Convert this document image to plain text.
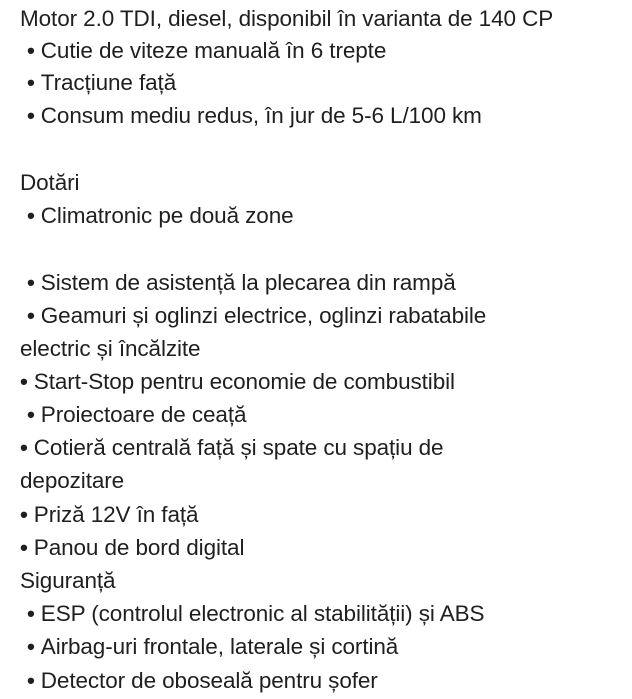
Motor 2.0 TDI, diesel, disponibil în varianta de 140 CP
• Cutie de viteze manuală în 6 trepte
• Tracțiune față
• Consum mediu redus, în jur de 5-6 L/100 km
Dotări
• Climatronic pe două zone
• Sistem de asistență la plecarea din rampă
• Geamuri și oglinzi electrice, oglinzi rabatabile
electric și încălzite
• Start-Stop pentru economie de combustibil
• Proiectoare de ceață
• Cotieră centrală față și spate cu spațiu de
depozitare
• Priză 12V în față
• Panou de bord digital
Siguranță
• ESP (controlul electronic al stabilității) și ABS
• Airbag-uri frontale, laterale și cortină
• Detector de oboseală pentru șofer
